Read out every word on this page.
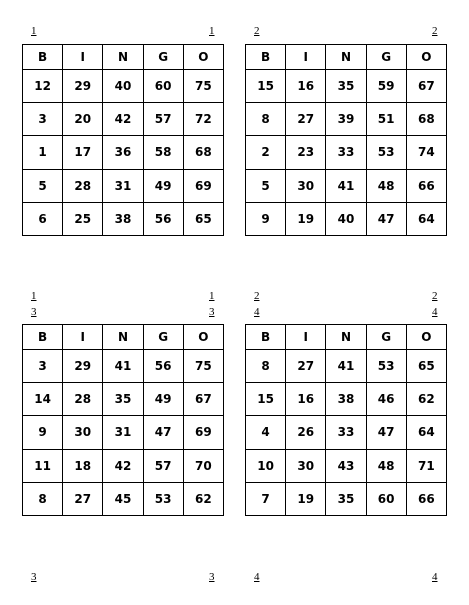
1	1	2	2
1	1
3	3
2	2
4	4
3	3	4	4
B	I	N	G	O
12	29	40	60	75
3	20	42	57	72
1	17	36	58	68
5	28	31	49	69
6	25	38	56	65
B	I	N	G	O
15	16	35	59	67
8	27	39	51	68
2	23	33	53	74
5	30	41	48	66
9	19	40	47	64
B	I	N	G	O
3	29	41	56	75
14	28	35	49	67
9	30	31	47	69
11	18	42	57	70
8	27	45	53	62
B	I	N	G	O
8	27	41	53	65
15	16	38	46	62
4	26	33	47	64
10	30	43	48	71
7	19	35	60	66
